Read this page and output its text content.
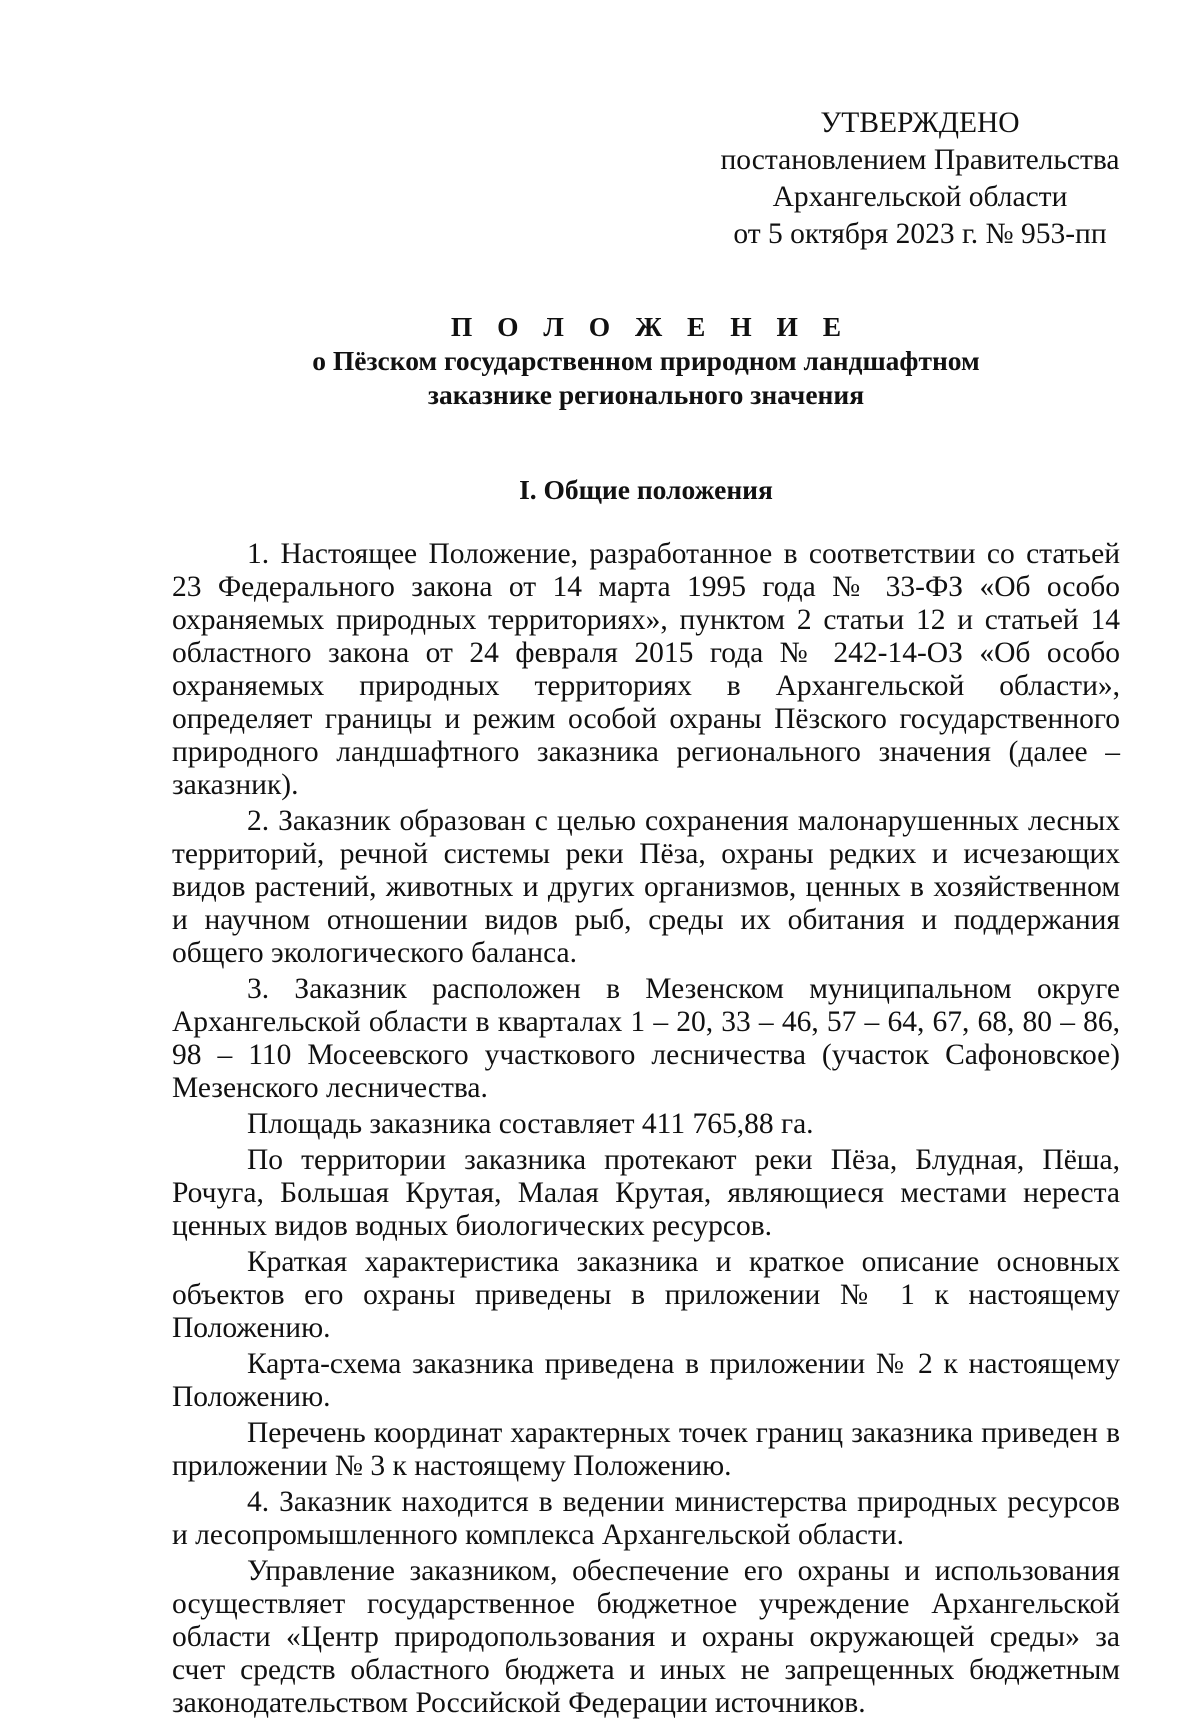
УТВЕРЖДЕНО
постановлением Правительства
Архангельской области
от 5 октября 2023 г. № 953-пп
П О Л О Ж Е Н И Е
о Пёзском государственном природном ландшафтном
заказнике регионального значения
I. Общие положения

1. Настоящее Положение, разработанное в соответствии со статьей 23 Федерального закона от 14 марта 1995 года № 33-ФЗ «Об особо охраняемых природных территориях», пунктом 2 статьи 12 и статьей 14 областного закона от 24 февраля 2015 года № 242-14-ОЗ «Об особо охраняемых природных территориях в Архангельской области», определяет границы и режим особой охраны Пёзского государственного природного ландшафтного заказника регионального значения (далее – заказник).

2. Заказник образован с целью сохранения малонарушенных лесных территорий, речной системы реки Пёза, охраны редких и исчезающих видов растений, животных и других организмов, ценных в хозяйственном и научном отношении видов рыб, среды их обитания и поддержания общего экологического баланса.

3. Заказник расположен в Мезенском муниципальном округе Архангельской области в кварталах 1 – 20, 33 – 46, 57 – 64, 67, 68, 80 – 86, 98 – 110 Мосеевского участкового лесничества (участок Сафоновское) Мезенского лесничества.

Площадь заказника составляет 411 765,88 га.

По территории заказника протекают реки Пёза, Блудная, Пёша, Рочуга, Большая Крутая, Малая Крутая, являющиеся местами нереста ценных видов водных биологических ресурсов.

Краткая характеристика заказника и краткое описание основных объектов его охраны приведены в приложении № 1 к настоящему Положению.

Карта-схема заказника приведена в приложении № 2 к настоящему Положению.

Перечень координат характерных точек границ заказника приведен в приложении № 3 к настоящему Положению.

4. Заказник находится в ведении министерства природных ресурсов и лесопромышленного комплекса Архангельской области.

Управление заказником, обеспечение его охраны и использования осуществляет государственное бюджетное учреждение Архангельской области «Центр природопользования и охраны окружающей среды» за счет средств областного бюджета и иных не запрещенных бюджетным законодательством Российской Федерации источников.
